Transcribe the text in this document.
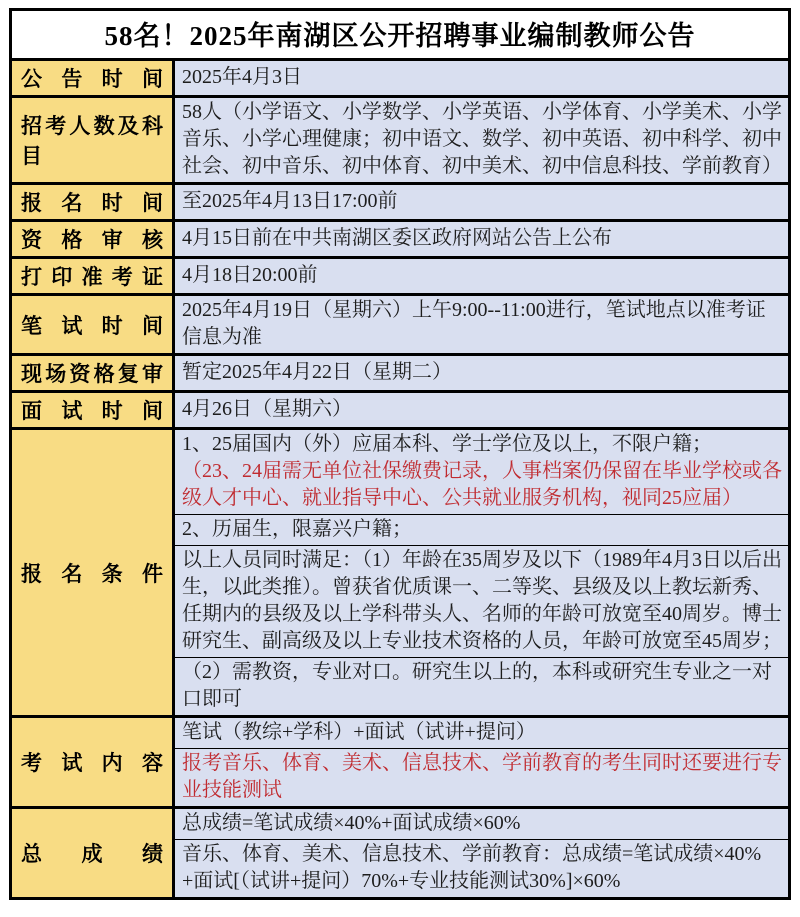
58名！2025年南湖区公开招聘事业编制教师公告	
公告时间	2025年4月3日
招考人数及科目	58人（小学语文、小学数学、小学英语、小学体育、小学美术、小学音乐、小学心理健康；初中语文、数学、初中英语、初中科学、初中社会、初中音乐、初中体育、初中美术、初中信息科技、学前教育）
报名时间	至2025年4月13日17:00前
资格审核	4月15日前在中共南湖区委区政府网站公告上公布
打印准考证	4月18日20:00前
笔试时间	2025年4月19日（星期六）上午9:00--11:00进行，笔试地点以准考证信息为准
现场资格复审	暂定2025年4月22日（星期二）
面试时间	4月26日（星期六）
报名条件	1、25届国内（外）应届本科、学士学位及以上，不限户籍；
（23、24届需无单位社保缴费记录，人事档案仍保留在毕业学校或各级人才中心、就业指导中心、公共就业服务机构，视同25应届）

	2、历届生，限嘉兴户籍；
	以上人员同时满足：（1）年龄在35周岁及以下（1989年4月3日以后出生，以此类推）。曾获省优质课一、二等奖、县级及以上教坛新秀、任期内的县级及以上学科带头人、名师的年龄可放宽至40周岁。博士研究生、副高级及以上专业技术资格的人员，年龄可放宽至45周岁；
	（2）需教资，专业对口。研究生以上的，本科或研究生专业之一对口即可
考试内容	笔试（教综+学科）+面试（试讲+提问）
	报考音乐、体育、美术、信息技术、学前教育的考生同时还要进行专业技能测试
总成绩	总成绩=笔试成绩×40%+面试成绩×60%
	音乐、体育、美术、信息技术、学前教育：总成绩=笔试成绩×40%+面试[（试讲+提问）70%+专业技能测试30%]×60%
